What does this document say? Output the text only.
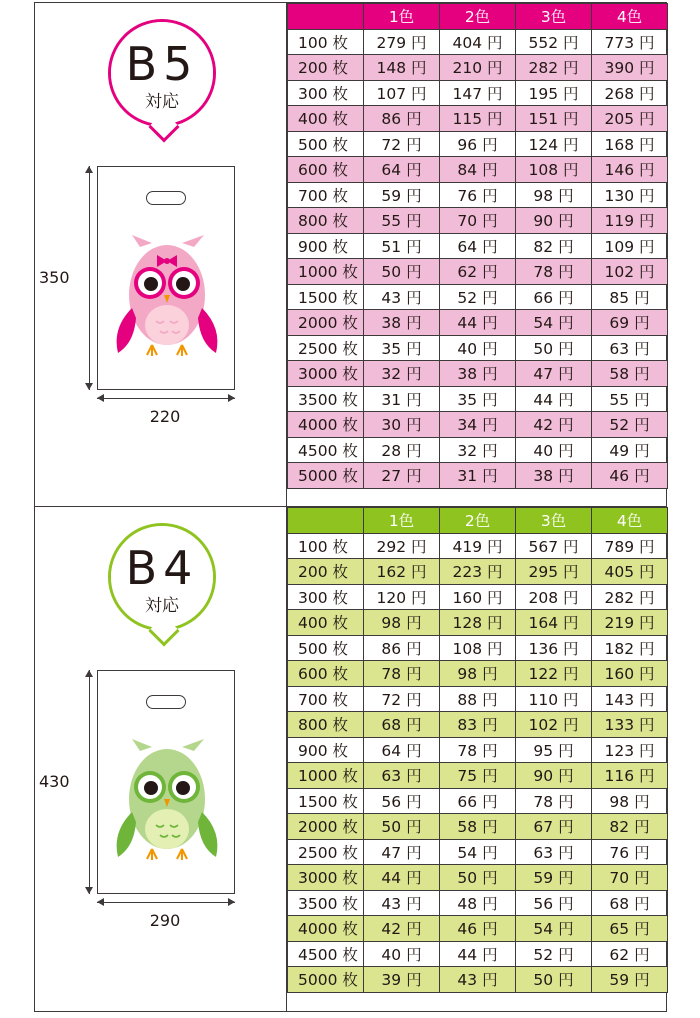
B5
対応
350
220
	1色	2色	3色	4色
100 枚	279 円	404 円	552 円	773 円
200 枚	148 円	210 円	282 円	390 円
300 枚	107 円	147 円	195 円	268 円
400 枚	86 円	115 円	151 円	205 円
500 枚	72 円	96 円	124 円	168 円
600 枚	64 円	84 円	108 円	146 円
700 枚	59 円	76 円	98 円	130 円
800 枚	55 円	70 円	90 円	119 円
900 枚	51 円	64 円	82 円	109 円
1000 枚	50 円	62 円	78 円	102 円
1500 枚	43 円	52 円	66 円	85 円
2000 枚	38 円	44 円	54 円	69 円
2500 枚	35 円	40 円	50 円	63 円
3000 枚	32 円	38 円	47 円	58 円
3500 枚	31 円	35 円	44 円	55 円
4000 枚	30 円	34 円	42 円	52 円
4500 枚	28 円	32 円	40 円	49 円
5000 枚	27 円	31 円	38 円	46 円
B4
対応
430
290
	1色	2色	3色	4色
100 枚	292 円	419 円	567 円	789 円
200 枚	162 円	223 円	295 円	405 円
300 枚	120 円	160 円	208 円	282 円
400 枚	98 円	128 円	164 円	219 円
500 枚	86 円	108 円	136 円	182 円
600 枚	78 円	98 円	122 円	160 円
700 枚	72 円	88 円	110 円	143 円
800 枚	68 円	83 円	102 円	133 円
900 枚	64 円	78 円	95 円	123 円
1000 枚	63 円	75 円	90 円	116 円
1500 枚	56 円	66 円	78 円	98 円
2000 枚	50 円	58 円	67 円	82 円
2500 枚	47 円	54 円	63 円	76 円
3000 枚	44 円	50 円	59 円	70 円
3500 枚	43 円	48 円	56 円	68 円
4000 枚	42 円	46 円	54 円	65 円
4500 枚	40 円	44 円	52 円	62 円
5000 枚	39 円	43 円	50 円	59 円
